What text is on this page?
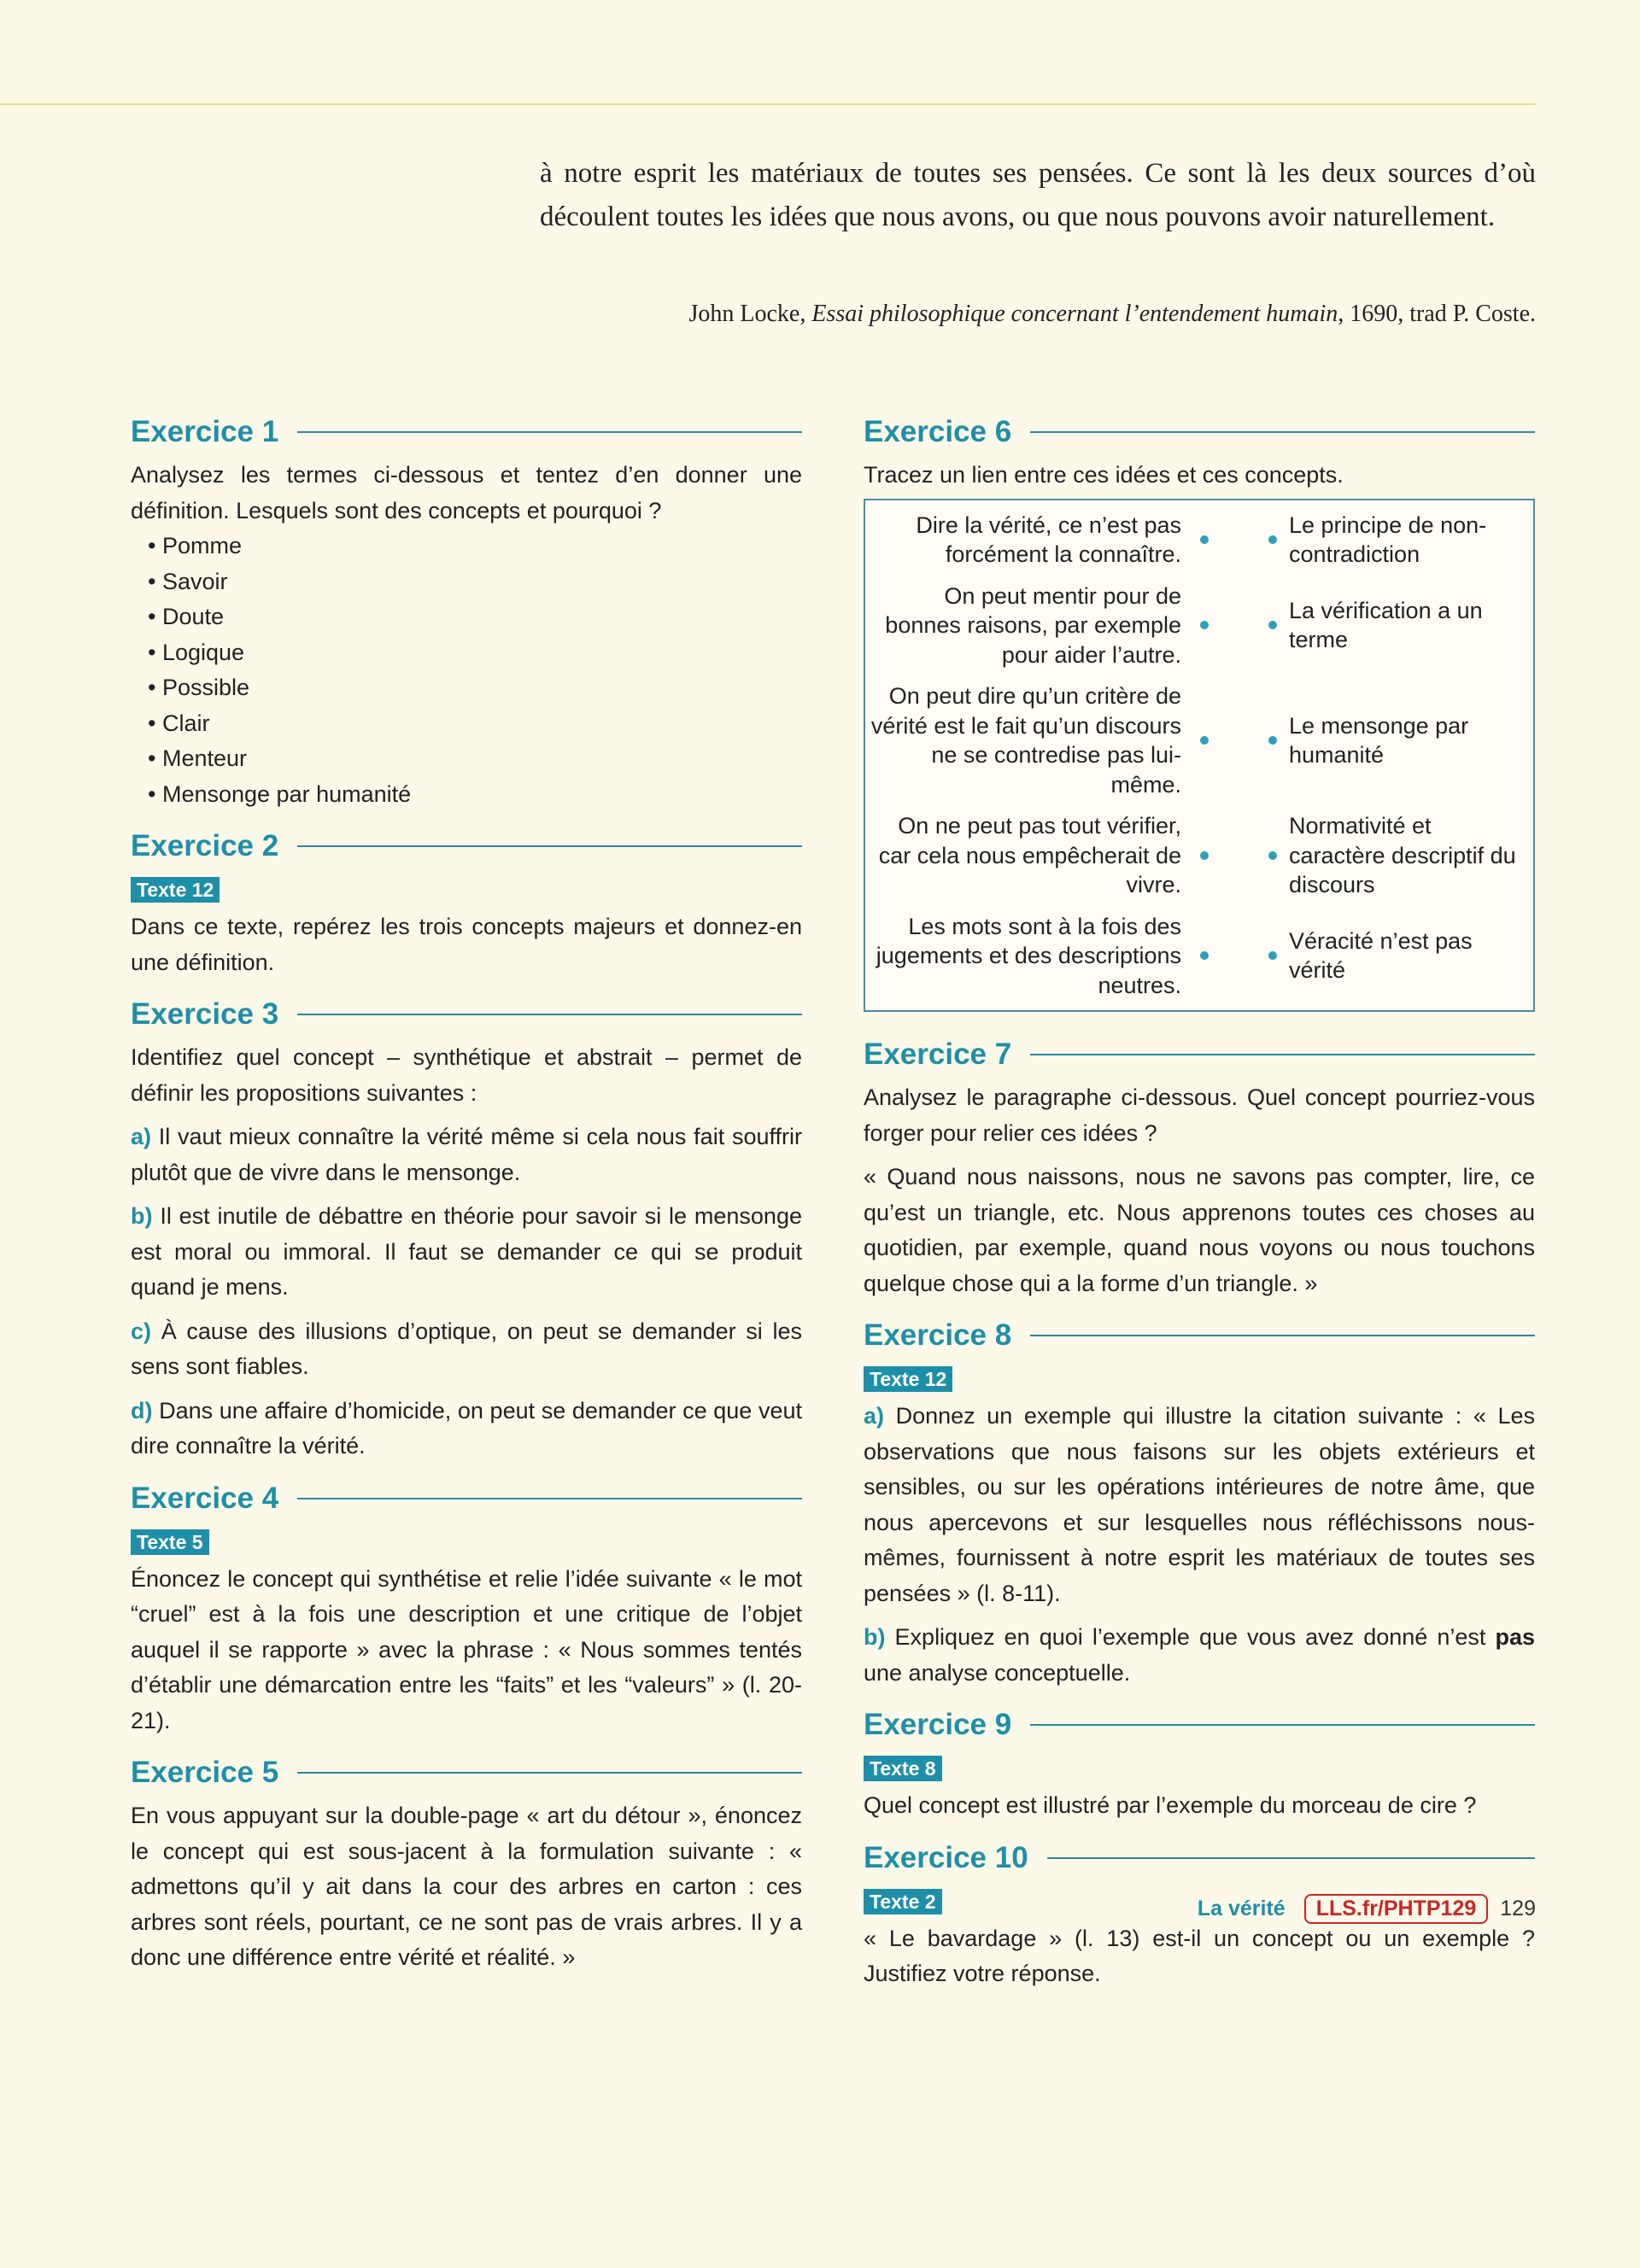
à notre esprit les matériaux de toutes ses pensées. Ce sont là les deux sources d’où découlent toutes les idées que nous avons, ou que nous pouvons avoir naturellement.

John Locke, Essai philosophique concernant l’entendement humain, 1690, trad P. Coste.
Exercice 1

Analysez les termes ci-dessous et tentez d’en donner une définition. Lesquels sont des concepts et pourquoi ?

• Pomme
• Savoir
• Doute
• Logique
• Possible
• Clair
• Menteur
• Mensonge par humanité
Exercice 2
Texte 12

Dans ce texte, repérez les trois concepts majeurs et donnez-en une définition.

Exercice 3

Identifiez quel concept – synthétique et abstrait – permet de définir les propositions suivantes :

a) Il vaut mieux connaître la vérité même si cela nous fait souffrir plutôt que de vivre dans le mensonge.

b) Il est inutile de débattre en théorie pour savoir si le mensonge est moral ou immoral. Il faut se demander ce qui se produit quand je mens.

c) À cause des illusions d’optique, on peut se demander si les sens sont fiables.

d) Dans une affaire d’homicide, on peut se demander ce que veut dire connaître la vérité.

Exercice 4
Texte 5

Énoncez le concept qui synthétise et relie l’idée suivante « le mot “cruel” est à la fois une description et une critique de l’objet auquel il se rapporte » avec la phrase : « Nous sommes tentés d’établir une démarcation entre les “faits” et les “valeurs” » (l. 20-21).

Exercice 5

En vous appuyant sur la double-page « art du détour », énoncez le concept qui est sous-jacent à la formulation suivante : « admettons qu’il y ait dans la cour des arbres en carton : ces arbres sont réels, pourtant, ce ne sont pas de vrais arbres. Il y a donc une différence entre vérité et réalité. »

Exercice 6

Tracez un lien entre ces idées et ces concepts.

Dire la vérité, ce n’est pas forcément la connaître.
Le principe de non-contradiction
On peut mentir pour de bonnes raisons, par exemple pour aider l’autre.
La vérification a un terme
On peut dire qu’un critère de vérité est le fait qu’un discours ne se contredise pas lui-même.
Le mensonge par humanité
On ne peut pas tout vérifier, car cela nous empêcherait de vivre.
Normativité et caractère descriptif du discours
Les mots sont à la fois des jugements et des descriptions neutres.
Véracité n’est pas vérité
Exercice 7

Analysez le paragraphe ci-dessous. Quel concept pourriez-vous forger pour relier ces idées ?

« Quand nous naissons, nous ne savons pas compter, lire, ce qu’est un triangle, etc. Nous apprenons toutes ces choses au quotidien, par exemple, quand nous voyons ou nous touchons quelque chose qui a la forme d’un triangle. »

Exercice 8
Texte 12

a) Donnez un exemple qui illustre la citation suivante : « Les observations que nous faisons sur les objets extérieurs et sensibles, ou sur les opérations intérieures de notre âme, que nous apercevons et sur lesquelles nous réfléchissons nous-mêmes, fournissent à notre esprit les matériaux de toutes ses pensées » (l. 8-11).

b) Expliquez en quoi l’exemple que vous avez donné n’est pas une analyse conceptuelle.

Exercice 9
Texte 8

Quel concept est illustré par l’exemple du morceau de cire ?

Exercice 10
Texte 2

« Le bavardage » (l. 13) est-il un concept ou un exemple ? Justifiez votre réponse.

La vérité	LLS.fr/PHTP129	129
